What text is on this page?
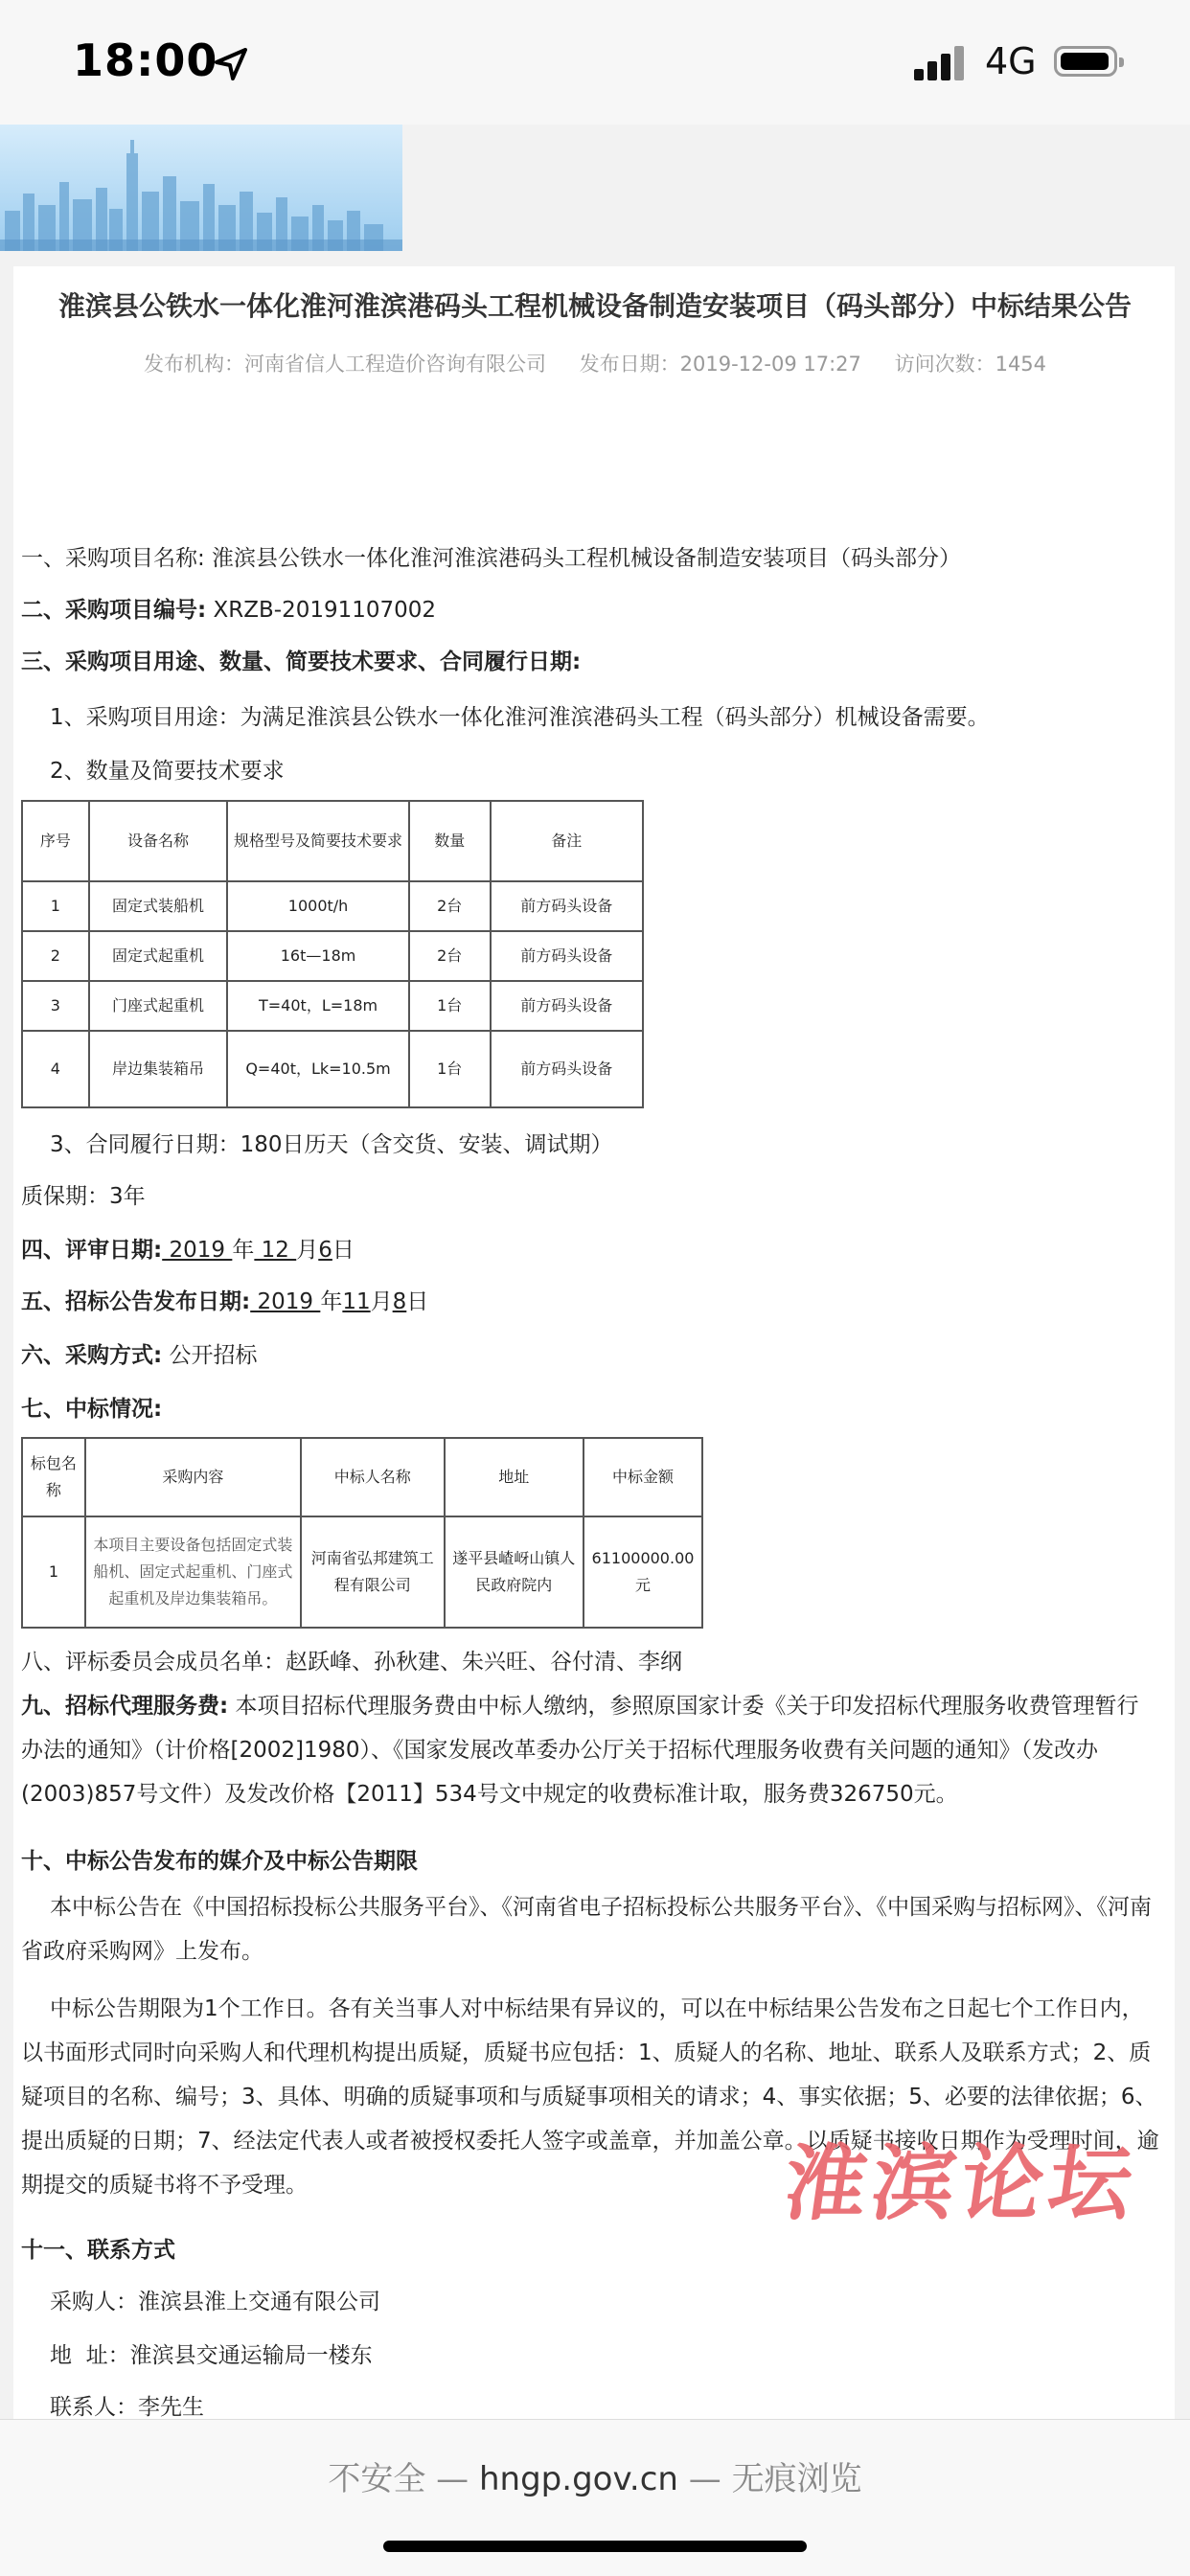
18:00	4G
淮滨县公铁水一体化淮河淮滨港码头工程机械设备制造安装项目（码头部分）中标结果公告
发布机构：河南省信人工程造价咨询有限公司 发布日期：2019-12-09 17:27 访问次数：1454
一、采购项目名称: 淮滨县公铁水一体化淮河淮滨港码头工程机械设备制造安装项目（码头部分）
二、采购项目编号: XRZB-20191107002
三、采购项目用途、数量、简要技术要求、合同履行日期:
1、采购项目用途：为满足淮滨县公铁水一体化淮河淮滨港码头工程（码头部分）机械设备需要。
2、数量及简要技术要求
序号	设备名称	规格型号及简要技术要求	数量	备注
1	固定式装船机	1000t/h	2台	前方码头设备
2	固定式起重机	16t—18m	2台	前方码头设备
3	门座式起重机	T=40t，L=18m	1台	前方码头设备
4	岸边集装箱吊	Q=40t，Lk=10.5m	1台	前方码头设备
3、合同履行日期：180日历天（含交货、安装、调试期）
质保期：3年
四、评审日期: 2019 年 12 月6日
五、招标公告发布日期: 2019 年11月8日
六、采购方式: 公开招标
七、中标情况:
标包名称	采购内容	中标人名称	地址	中标金额
1	本项目主要设备包括固定式装船机、固定式起重机、门座式起重机及岸边集装箱吊。	河南省弘邦建筑工程有限公司	遂平县嵖岈山镇人民政府院内	61100000.00元
八、评标委员会成员名单：赵跃峰、孙秋建、朱兴旺、谷付清、李纲
九、招标代理服务费: 本项目招标代理服务费由中标人缴纳，参照原国家计委《关于印发招标代理服务收费管理暂行办法的通知》（计价格[2002]1980）、《国家发展改革委办公厅关于招标代理服务收费有关问题的通知》（发改办(2003)857号文件）及发改价格【2011】534号文中规定的收费标准计取，服务费326750元。
十、中标公告发布的媒介及中标公告期限
本中标公告在《中国招标投标公共服务平台》、《河南省电子招标投标公共服务平台》、《中国采购与招标网》、《河南省政府采购网》上发布。
中标公告期限为1个工作日。各有关当事人对中标结果有异议的，可以在中标结果公告发布之日起七个工作日内，以书面形式同时向采购人和代理机构提出质疑，质疑书应包括：1、质疑人的名称、地址、联系人及联系方式；2、质疑项目的名称、编号；3、具体、明确的质疑事项和与质疑事项相关的请求；4、事实依据；5、必要的法律依据；6、提出质疑的日期；7、经法定代表人或者被授权委托人签字或盖章，并加盖公章。以质疑书接收日期作为受理时间，逾期提交的质疑书将不予受理。
十一、联系方式
采购人：淮滨县淮上交通有限公司
地  址：淮滨县交通运输局一楼东
联系人：李先生
淮滨论坛
不安全 — hngp.gov.cn — 无痕浏览
